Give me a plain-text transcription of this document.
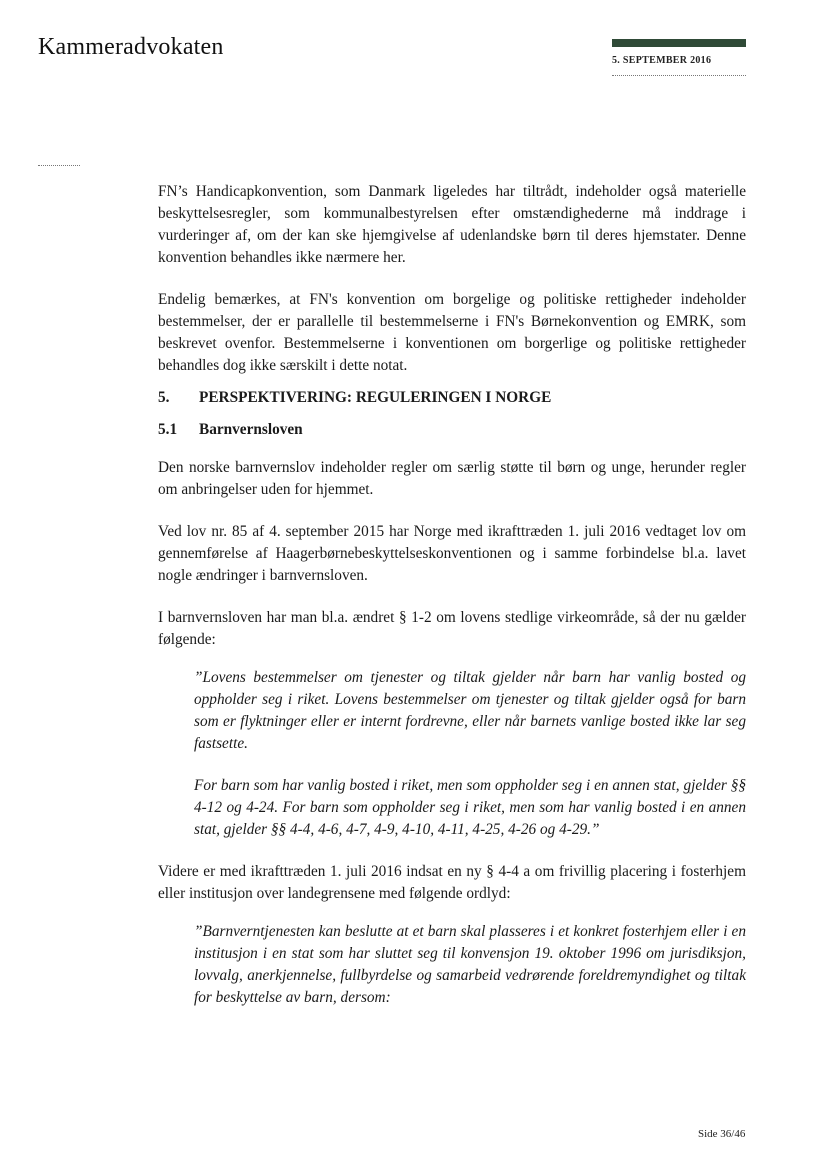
Kammeradvokaten
5. SEPTEMBER 2016

FN’s Handicapkonvention, som Danmark ligeledes har tiltrådt, indeholder også materielle beskyttelsesregler, som kommunalbestyrelsen efter omstændighederne må inddrage i vurderinger af, om der kan ske hjemgivelse af udenlandske børn til deres hjemstater. Denne konvention behandles ikke nærmere her.

Endelig bemærkes, at FN's konvention om borgelige og politiske rettigheder indeholder bestemmelser, der er parallelle til bestemmelserne i FN's Børnekonvention og EMRK, som beskrevet ovenfor. Bestemmelserne i konventionen om borgerlige og politiske rettigheder behandles dog ikke særskilt i dette notat.

5.	PERSPEKTIVERING: REGULERINGEN I NORGE

5.1	Barnvernsloven

Den norske barnvernslov indeholder regler om særlig støtte til børn og unge, herunder regler om anbringelser uden for hjemmet.

Ved lov nr. 85 af 4. september 2015 har Norge med ikrafttræden 1. juli 2016 vedtaget lov om gennemførelse af Haagerbørnebeskyttelseskonventionen og i samme forbindelse bl.a. lavet nogle ændringer i barnvernsloven.

I barnvernsloven har man bl.a. ændret § 1-2 om lovens stedlige virkeområde, så der nu gælder følgende:

”Lovens bestemmelser om tjenester og tiltak gjelder når barn har vanlig bosted og oppholder seg i riket. Lovens bestemmelser om tjenester og tiltak gjelder også for barn som er flyktninger eller er internt fordrevne, eller når barnets vanlige bosted ikke lar seg fastsette.

For barn som har vanlig bosted i riket, men som oppholder seg i en annen stat, gjelder §§ 4-12 og 4-24. For barn som oppholder seg i riket, men som har vanlig bosted i en annen stat, gjelder §§ 4-4, 4-6, 4-7, 4-9, 4-10, 4-11, 4-25, 4-26 og 4-29.”

Videre er med ikrafttræden 1. juli 2016 indsat en ny § 4-4 a om frivillig placering i fosterhjem eller institusjon over landegrensene med følgende ordlyd:

”Barnverntjenesten kan beslutte at et barn skal plasseres i et konkret fosterhjem eller i en institusjon i en stat som har sluttet seg til konvensjon 19. oktober 1996 om jurisdiksjon, lovvalg, anerkjennelse, fullbyrdelse og samarbeid vedrørende foreldremyndighet og tiltak for beskyttelse av barn, dersom:

Side 36/46
